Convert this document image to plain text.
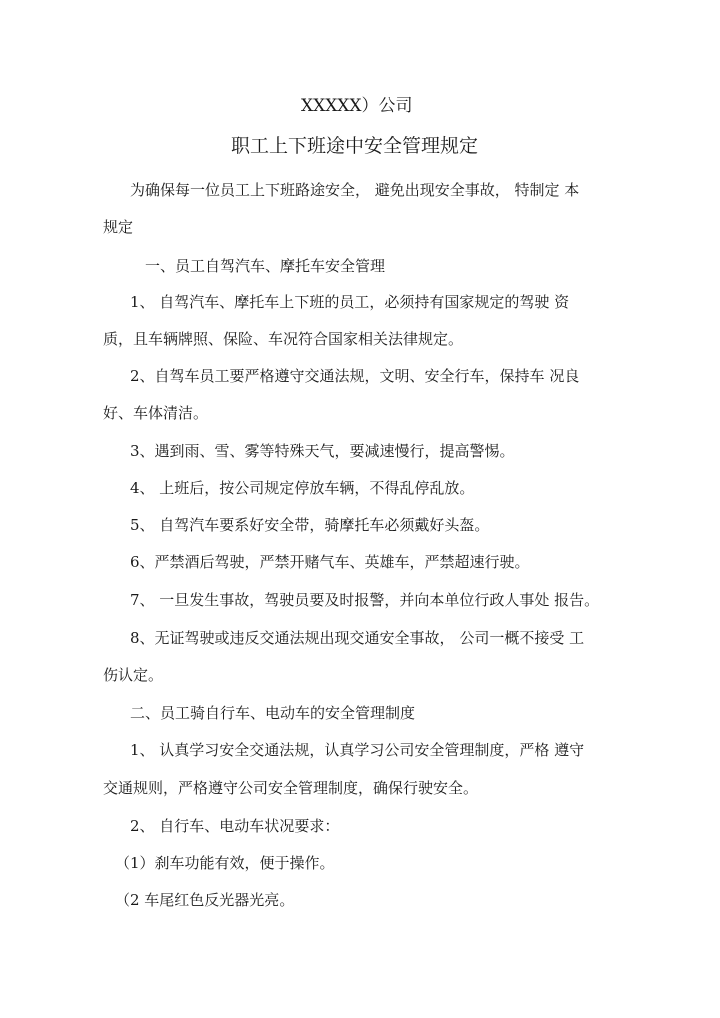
XXXXX）公司

职工上下班途中安全管理规定

为确保每一位员工上下班路途安全， 避免出现安全事故， 特制定 本

规定

一、员工自驾汽车、摩托车安全管理

1、 自驾汽车、摩托车上下班的员工，必须持有国家规定的驾驶 资

质，且车辆牌照、保险、车况符合国家相关法律规定。

2、自驾车员工要严格遵守交通法规，文明、安全行车，保持车 况良

好、车体清洁。

3、遇到雨、雪、雾等特殊天气，要减速慢行，提高警惕。

4、 上班后，按公司规定停放车辆，不得乱停乱放。

5、 自驾汽车要系好安全带，骑摩托车必须戴好头盔。

6、严禁酒后驾驶，严禁开赌气车、英雄车，严禁超速行驶。

7、 一旦发生事故，驾驶员要及时报警，并向本单位行政人事处 报告。

8、无证驾驶或违反交通法规出现交通安全事故， 公司一概不接受 工

伤认定。

二、员工骑自行车、电动车的安全管理制度

1、 认真学习安全交通法规，认真学习公司安全管理制度，严格 遵守

交通规则，严格遵守公司安全管理制度，确保行驶安全。

2、 自行车、电动车状况要求：

（1）刹车功能有效，便于操作。

（2 车尾红色反光器光亮。
